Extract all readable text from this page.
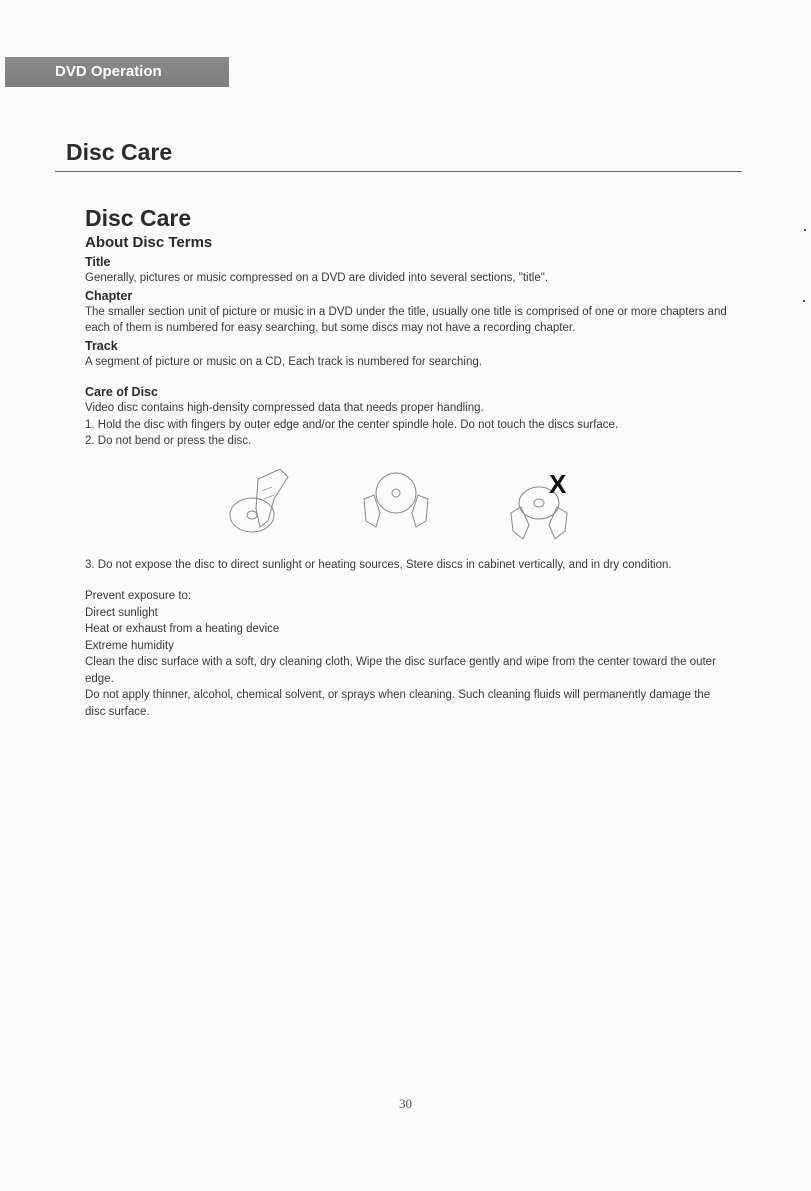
DVD Operation
Disc Care
Disc Care
About Disc Terms
Title

Generally, pictures or music compressed on a DVD are divided into several sections, "title".

Chapter

The smaller section unit of picture or music in a DVD under the title, usually one title is comprised of one or more chapters and each of them is numbered for easy searching, but some discs may not have a recording chapter.

Track

A segment of picture or music on a CD, Each track is numbered for searching.

Care of Disc

Video disc contains high-density compressed data that needs proper handling.

1. Hold the disc with fingers by outer edge and/or the center spindle hole. Do not touch the discs surface.

2. Do not bend or press the disc.

X

3. Do not expose the disc to direct sunlight or heating sources, Stere discs in cabinet vertically, and in dry condition.

Prevent exposure to:

Direct sunlight

Heat or exhaust from a heating device

Extreme humidity

Clean the disc surface with a soft, dry cleaning cloth, Wipe the disc surface gently and wipe from the center toward the outer edge.

Do not apply thinner, alcohol, chemical solvent, or sprays when cleaning. Such cleaning fluids will permanently damage the disc surface.

30
